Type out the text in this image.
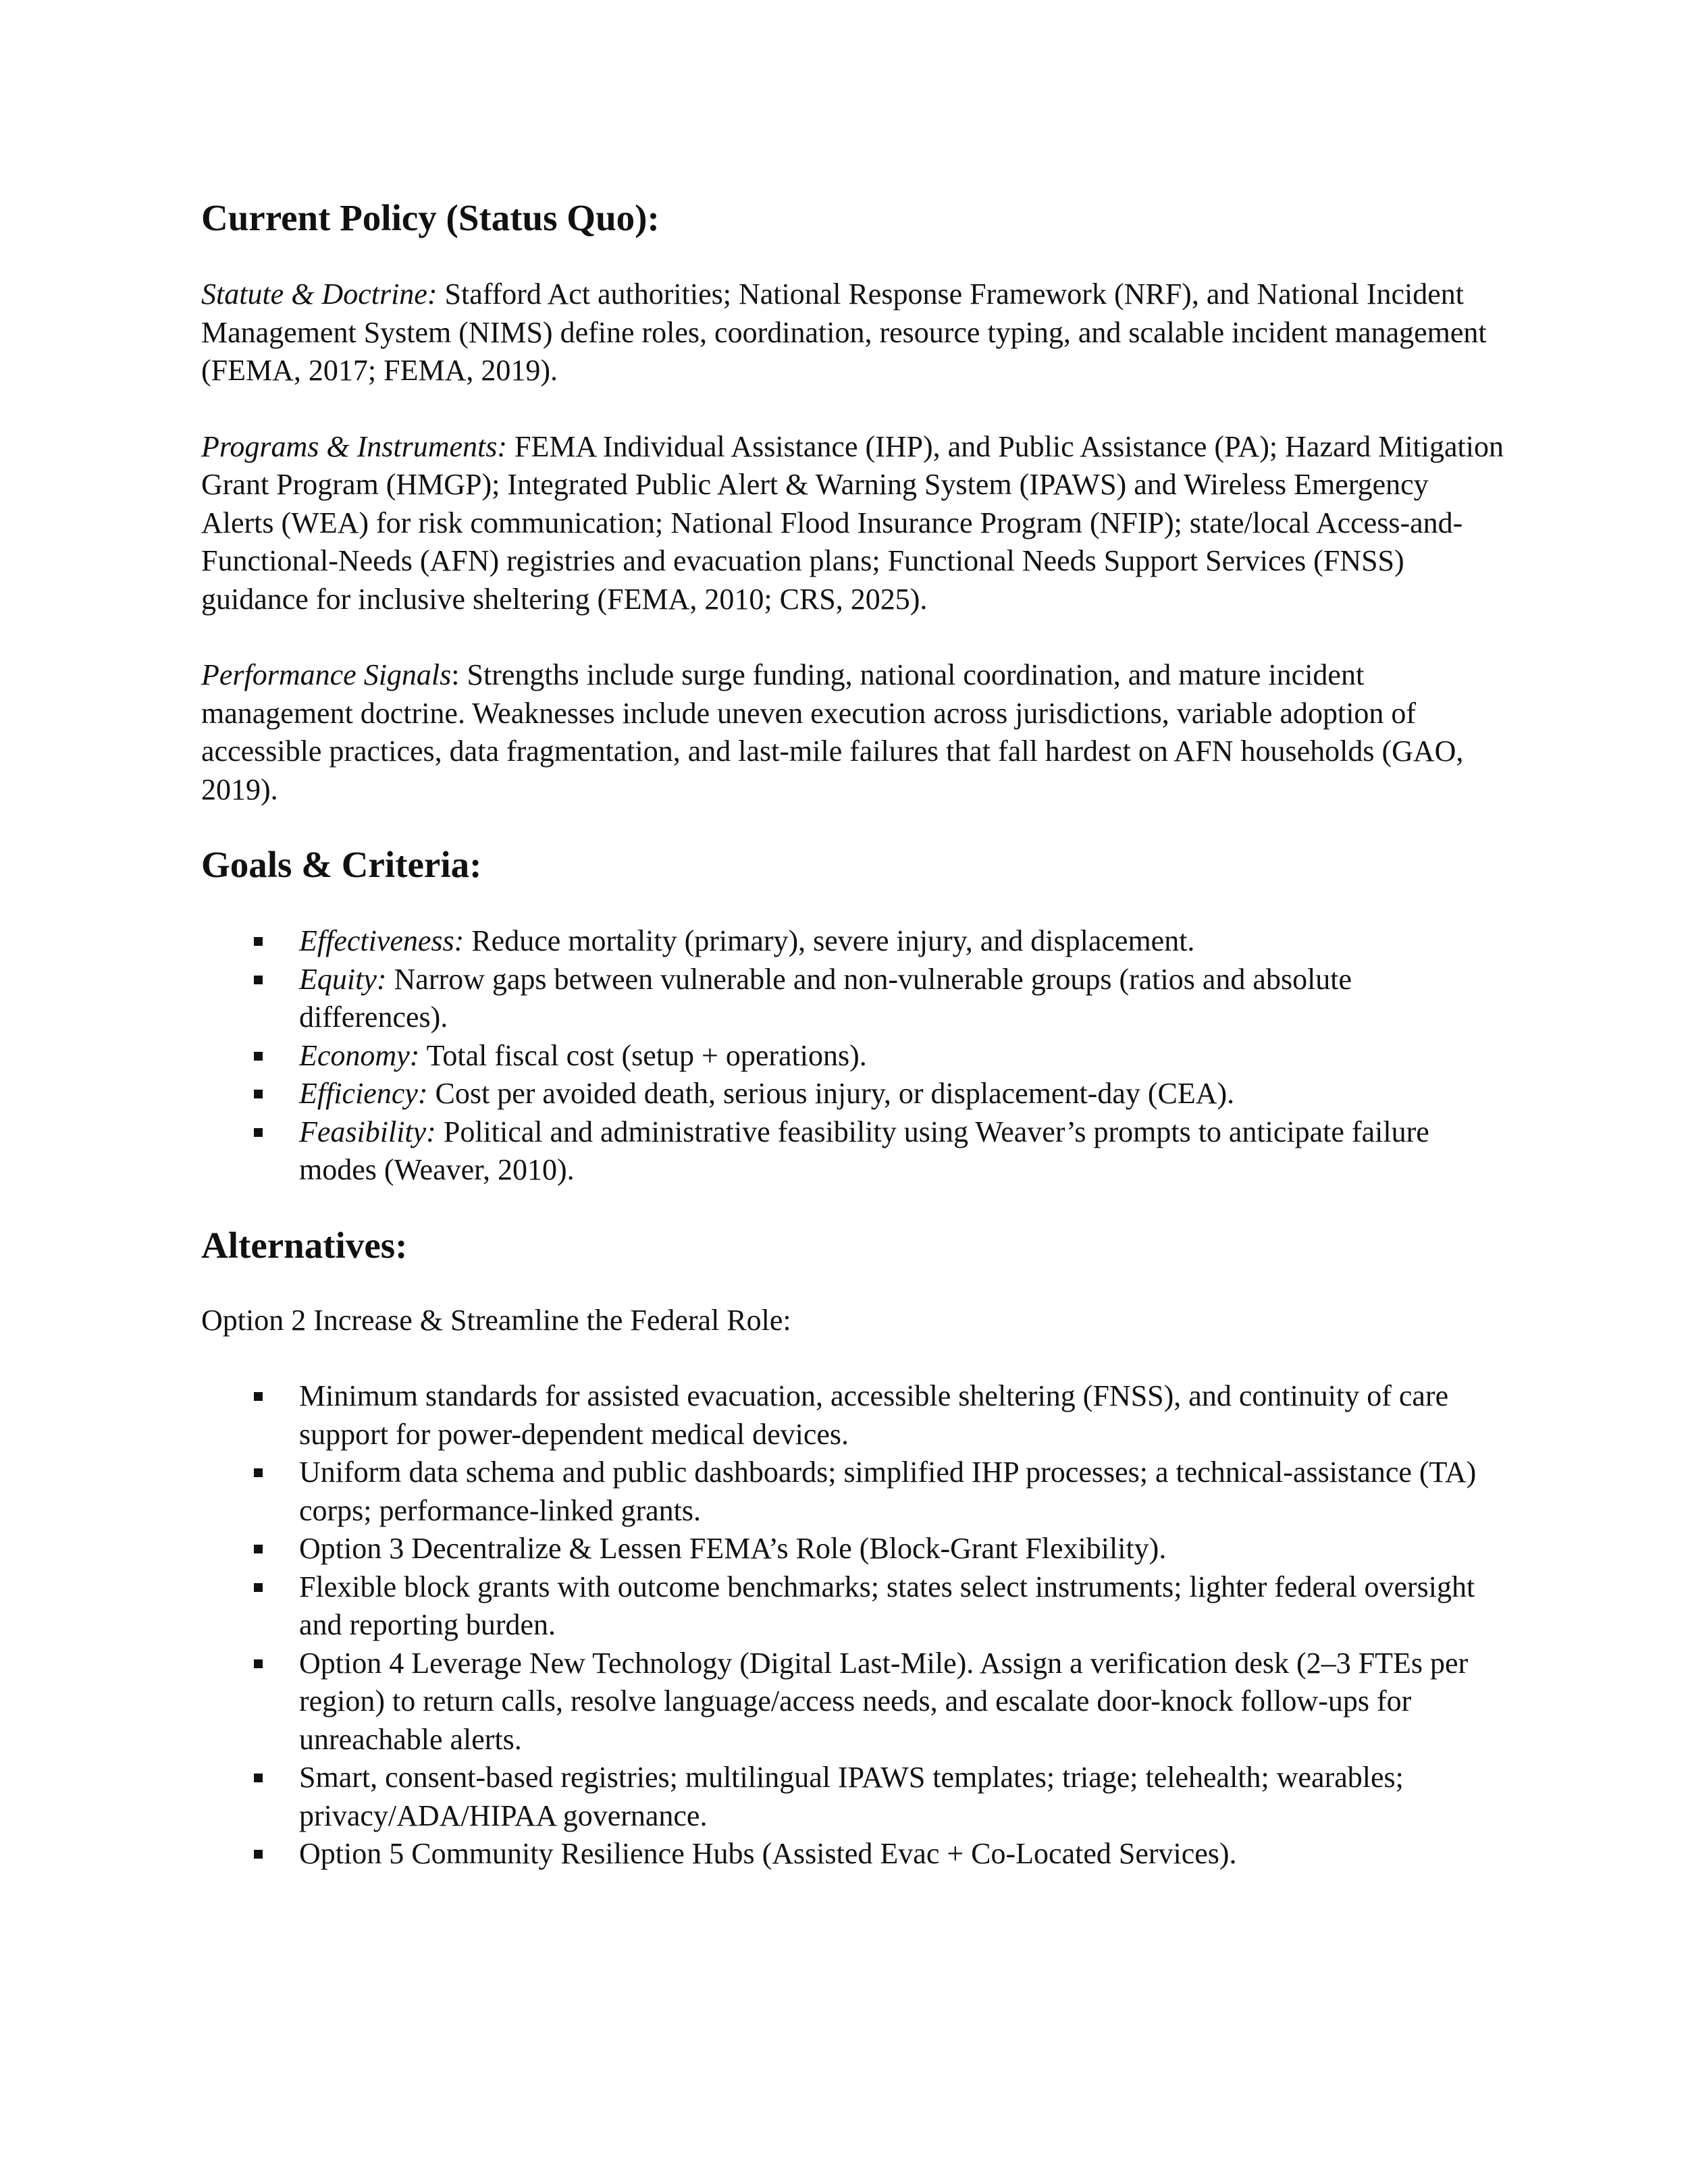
Current Policy (Status Quo):

Statute & Doctrine: Stafford Act authorities; National Response Framework (NRF), and National Incident Management System (NIMS) define roles, coordination, resource typing, and scalable incident management (FEMA, 2017; FEMA, 2019).

Programs & Instruments: FEMA Individual Assistance (IHP), and Public Assistance (PA); Hazard Mitigation Grant Program (HMGP); Integrated Public Alert & Warning System (IPAWS) and Wireless Emergency Alerts (WEA) for risk communication; National Flood Insurance Program (NFIP); state/local Access-and-Functional-Needs (AFN) registries and evacuation plans; Functional Needs Support Services (FNSS) guidance for inclusive sheltering (FEMA, 2010; CRS, 2025).

Performance Signals: Strengths include surge funding, national coordination, and mature incident management doctrine. Weaknesses include uneven execution across jurisdictions, variable adoption of accessible practices, data fragmentation, and last-mile failures that fall hardest on AFN households (GAO, 2019).

Goals & Criteria:
Effectiveness: Reduce mortality (primary), severe injury, and displacement.
Equity: Narrow gaps between vulnerable and non-vulnerable groups (ratios and absolute differences).
Economy: Total fiscal cost (setup + operations).
Efficiency: Cost per avoided death, serious injury, or displacement-day (CEA).
Feasibility: Political and administrative feasibility using Weaver’s prompts to anticipate failure modes (Weaver, 2010).
Alternatives:

Option 2 Increase & Streamline the Federal Role:

Minimum standards for assisted evacuation, accessible sheltering (FNSS), and continuity of care support for power-dependent medical devices.
Uniform data schema and public dashboards; simplified IHP processes; a technical-assistance (TA) corps; performance-linked grants.
Option 3 Decentralize & Lessen FEMA’s Role (Block-Grant Flexibility).
Flexible block grants with outcome benchmarks; states select instruments; lighter federal oversight and reporting burden.
Option 4 Leverage New Technology (Digital Last-Mile). Assign a verification desk (2–3 FTEs per region) to return calls, resolve language/access needs, and escalate door-knock follow-ups for unreachable alerts.
Smart, consent-based registries; multilingual IPAWS templates; triage; telehealth; wearables; privacy/ADA/HIPAA governance.
Option 5 Community Resilience Hubs (Assisted Evac + Co-Located Services).
